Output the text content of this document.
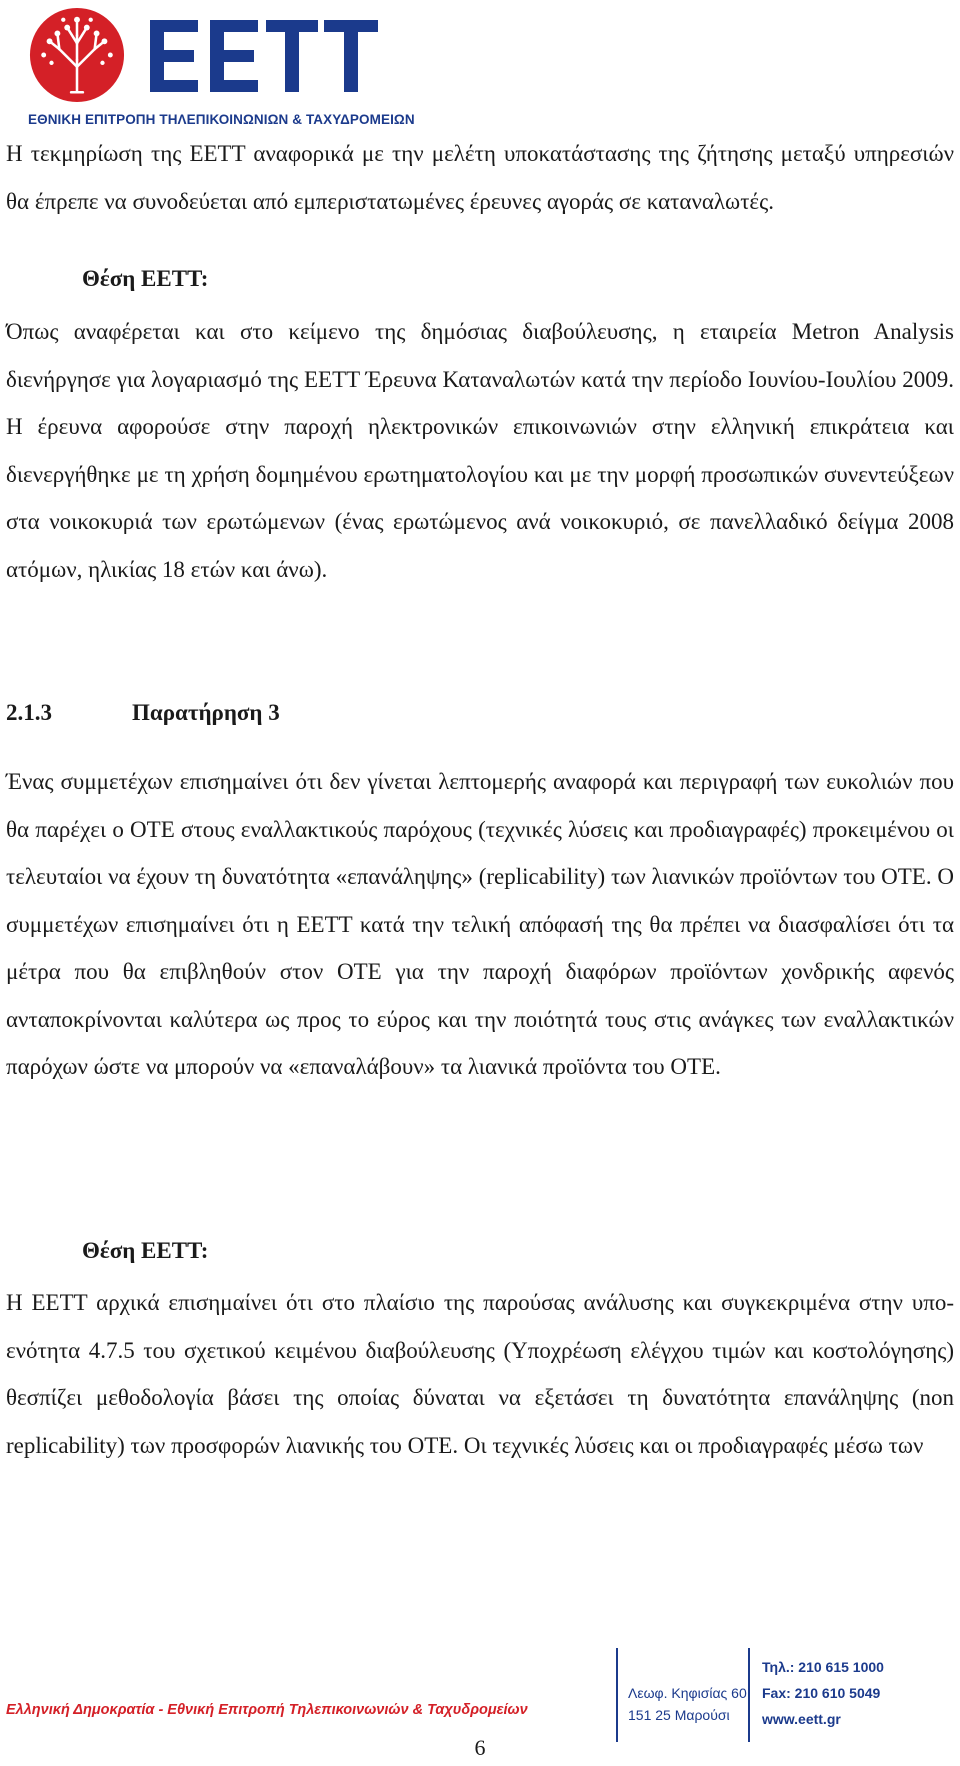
ΕΘΝΙΚΗ ΕΠΙΤΡΟΠΗ ΤΗΛΕΠΙΚΟΙΝΩΝΙΩΝ & ΤΑΧΥΔΡΟΜΕΙΩΝ

Η τεκμηρίωση της ΕΕΤΤ αναφορικά με την μελέτη υποκατάστασης της ζήτησης μεταξύ υπηρεσιών θα έπρεπε να συνοδεύεται από εμπεριστατωμένες έρευνες αγοράς σε καταναλωτές.

Θέση ΕΕΤΤ:

Όπως αναφέρεται και στο κείμενο της δημόσιας διαβούλευσης, η εταιρεία Metron Analysis διενήργησε για λογαριασμό της ΕΕΤΤ Έρευνα Καταναλωτών κατά την περίοδο Ιουνίου-Ιουλίου 2009. Η έρευνα αφορούσε στην παροχή ηλεκτρονικών επικοινωνιών στην ελληνική επικράτεια και διενεργήθηκε με τη χρήση δομημένου ερωτηματολογίου και με την μορφή προσωπικών συνεντεύξεων στα νοικοκυριά των ερωτώμενων (ένας ερωτώμενος ανά νοικοκυριό, σε πανελλαδικό δείγμα 2008 ατόμων, ηλικίας 18 ετών και άνω).

2.1.3	Παρατήρηση 3

Ένας συμμετέχων επισημαίνει ότι δεν γίνεται λεπτομερής αναφορά και περιγραφή των ευκολιών που θα παρέχει ο ΟΤΕ στους εναλλακτικούς παρόχους (τεχνικές λύσεις και προδιαγραφές) προκειμένου οι τελευταίοι να έχουν τη δυνατότητα «επανάληψης» (replicability) των λιανικών προϊόντων του ΟΤΕ. Ο συμμετέχων επισημαίνει ότι η ΕΕΤΤ κατά την τελική απόφασή της θα πρέπει να διασφαλίσει ότι τα μέτρα που θα επιβληθούν στον ΟΤΕ για την παροχή διαφόρων προϊόντων χονδρικής αφενός ανταποκρίνονται καλύτερα ως προς το εύρος και την ποιότητά τους στις ανάγκες των εναλλακτικών παρόχων ώστε να μπορούν να «επαναλάβουν» τα λιανικά προϊόντα του ΟΤΕ.

Θέση ΕΕΤΤ:

Η ΕΕΤΤ αρχικά επισημαίνει ότι στο πλαίσιο της παρούσας ανάλυσης και συγκεκριμένα στην υπο-ενότητα 4.7.5 του σχετικού κειμένου διαβούλευσης (Υποχρέωση ελέγχου τιμών και κοστολόγησης) θεσπίζει μεθοδολογία βάσει της οποίας δύναται να εξετάσει τη δυνατότητα επανάληψης (non replicability) των προσφορών λιανικής του ΟΤΕ. Οι τεχνικές λύσεις και οι προδιαγραφές μέσω των

Ελληνική Δημοκρατία - Εθνική Επιτροπή Τηλεπικοινωνιών & Ταχυδρομείων
Λεωφ. Κηφισίας 60
151 25 Μαρούσι
Τηλ.: 210 615 1000
Fax: 210 610 5049
www.eett.gr
6
